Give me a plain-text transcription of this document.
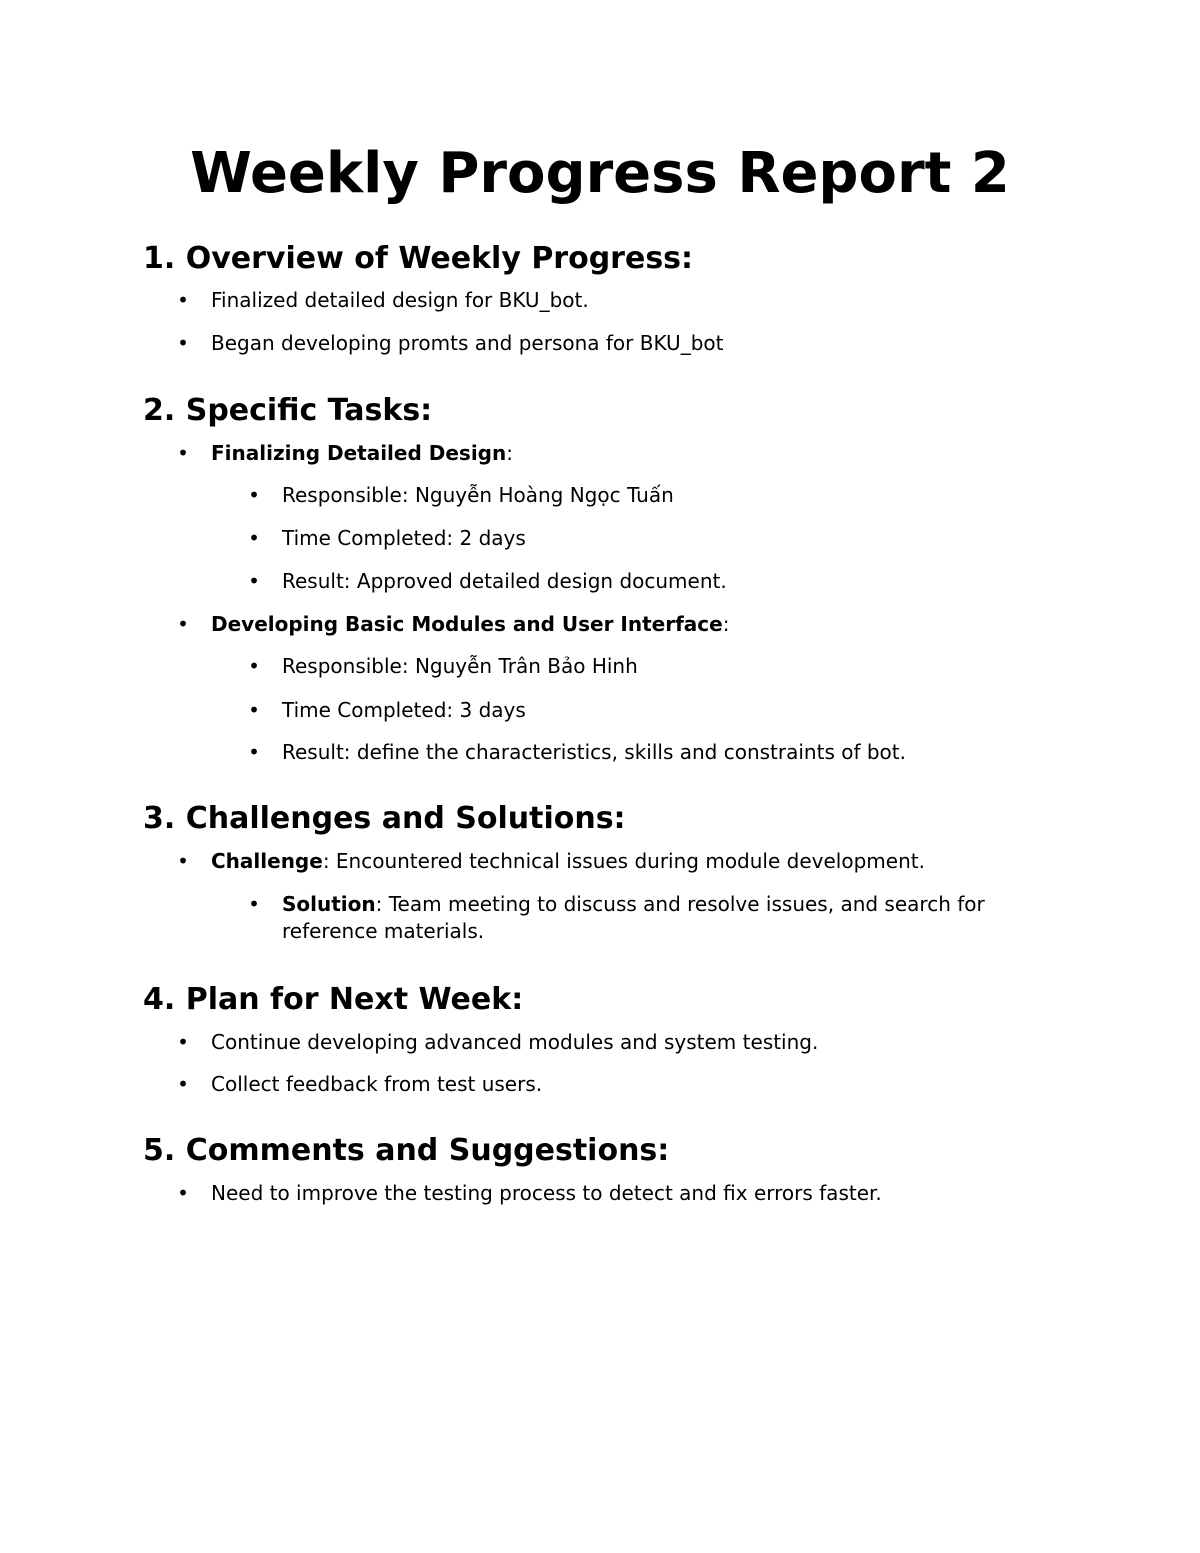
Weekly Progress Report 2
1. Overview of Weekly Progress:
• Finalized detailed design for BKU_bot.
• Began developing promts and persona for BKU_bot
2. Specific Tasks:
• Finalizing Detailed Design:
• Responsible: Nguyễn Hoàng Ngọc Tuấn
• Time Completed: 2 days
• Result: Approved detailed design document.
• Developing Basic Modules and User Interface:
• Responsible: Nguyễn Trân Bảo Hinh
• Time Completed: 3 days
• Result: define the characteristics, skills and constraints of bot.
3. Challenges and Solutions:
• Challenge: Encountered technical issues during module development.
• Solution: Team meeting to discuss and resolve issues, and search for reference materials.
4. Plan for Next Week:
• Continue developing advanced modules and system testing.
• Collect feedback from test users.
5. Comments and Suggestions:
• Need to improve the testing process to detect and fix errors faster.
